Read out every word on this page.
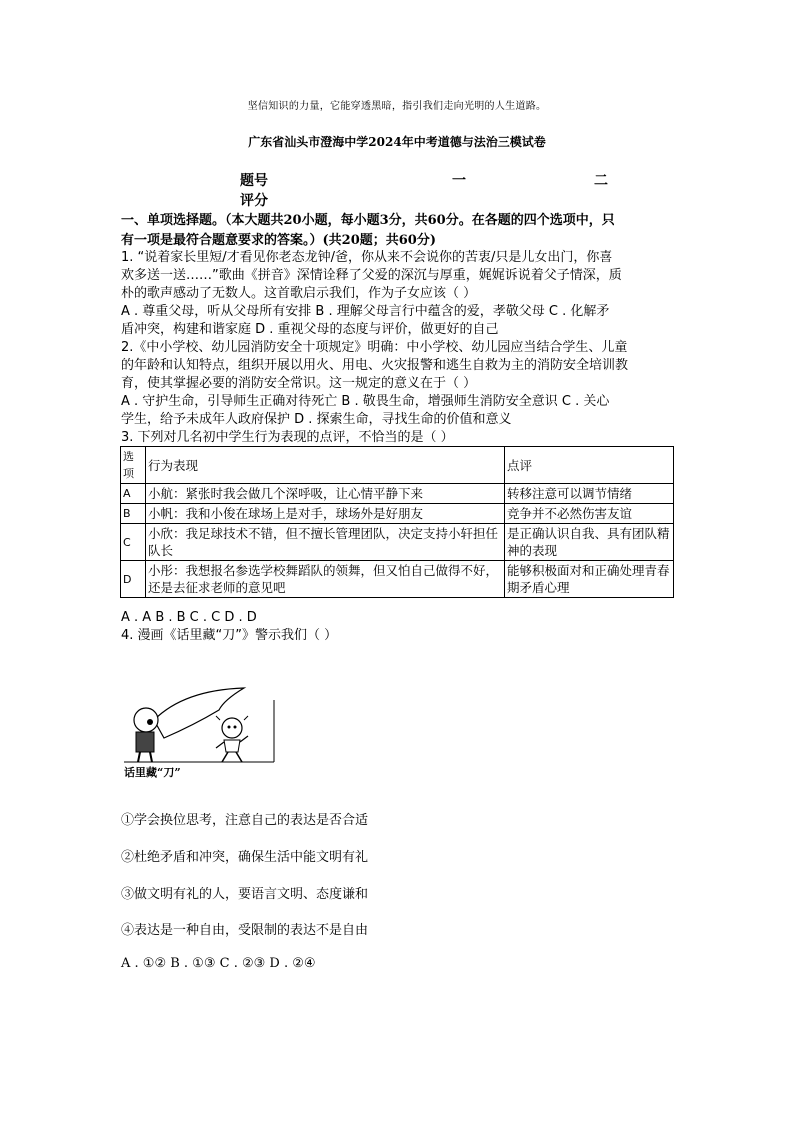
坚信知识的力量，它能穿透黑暗，指引我们走向光明的人生道路。
广东省汕头市澄海中学2024年中考道德与法治三模试卷
题号	一	二
评分
一、单项选择题。（本大题共20小题，每小题3分，共60分。在各题的四个选项中，只
有一项是最符合题意要求的答案。）(共20题；共60分)
1. “说着家长里短/才看见你老态龙钟/爸，你从来不会说你的苦衷/只是儿女出门，你喜
欢多送一送……”歌曲《拼音》深情诠释了父爱的深沉与厚重，娓娓诉说着父子情深，质
朴的歌声感动了无数人。这首歌启示我们，作为子女应该（ ）
A . 尊重父母，听从父母所有安排 B . 理解父母言行中蕴含的爱，孝敬父母 C . 化解矛
盾冲突，构建和谐家庭 D . 重视父母的态度与评价，做更好的自己
2.《中小学校、幼儿园消防安全十项规定》明确：中小学校、幼儿园应当结合学生、儿童
的年龄和认知特点，组织开展以用火、用电、火灾报警和逃生自救为主的消防安全培训教
育，使其掌握必要的消防安全常识。这一规定的意义在于（ ）
A . 守护生命，引导师生正确对待死亡 B . 敬畏生命，增强师生消防安全意识 C . 关心
学生，给予未成年人政府保护 D . 探索生命，寻找生命的价值和意义
3. 下列对几名初中学生行为表现的点评，不恰当的是（ ）
选项	行为表现	点评
A	小航：紧张时我会做几个深呼吸，让心情平静下来	转移注意可以调节情绪
B	小帆：我和小俊在球场上是对手，球场外是好朋友	竞争并不必然伤害友谊
C	小欣：我足球技术不错，但不擅长管理团队，决定支持小轩担任队长	是正确认识自我、具有团队精神的表现
D	小彤：我想报名参选学校舞蹈队的领舞，但又怕自己做得不好，还是去征求老师的意见吧	能够积极面对和正确处理青春期矛盾心理
A . A B . B C . C D . D
4. 漫画《话里藏“刀”》警示我们（ ）
话里藏“刀”
①学会换位思考，注意自己的表达是否合适
②杜绝矛盾和冲突，确保生活中能文明有礼
③做文明有礼的人，要语言文明、态度谦和
④表达是一种自由，受限制的表达不是自由
A . ①② B . ①③ C . ②③ D . ②④
